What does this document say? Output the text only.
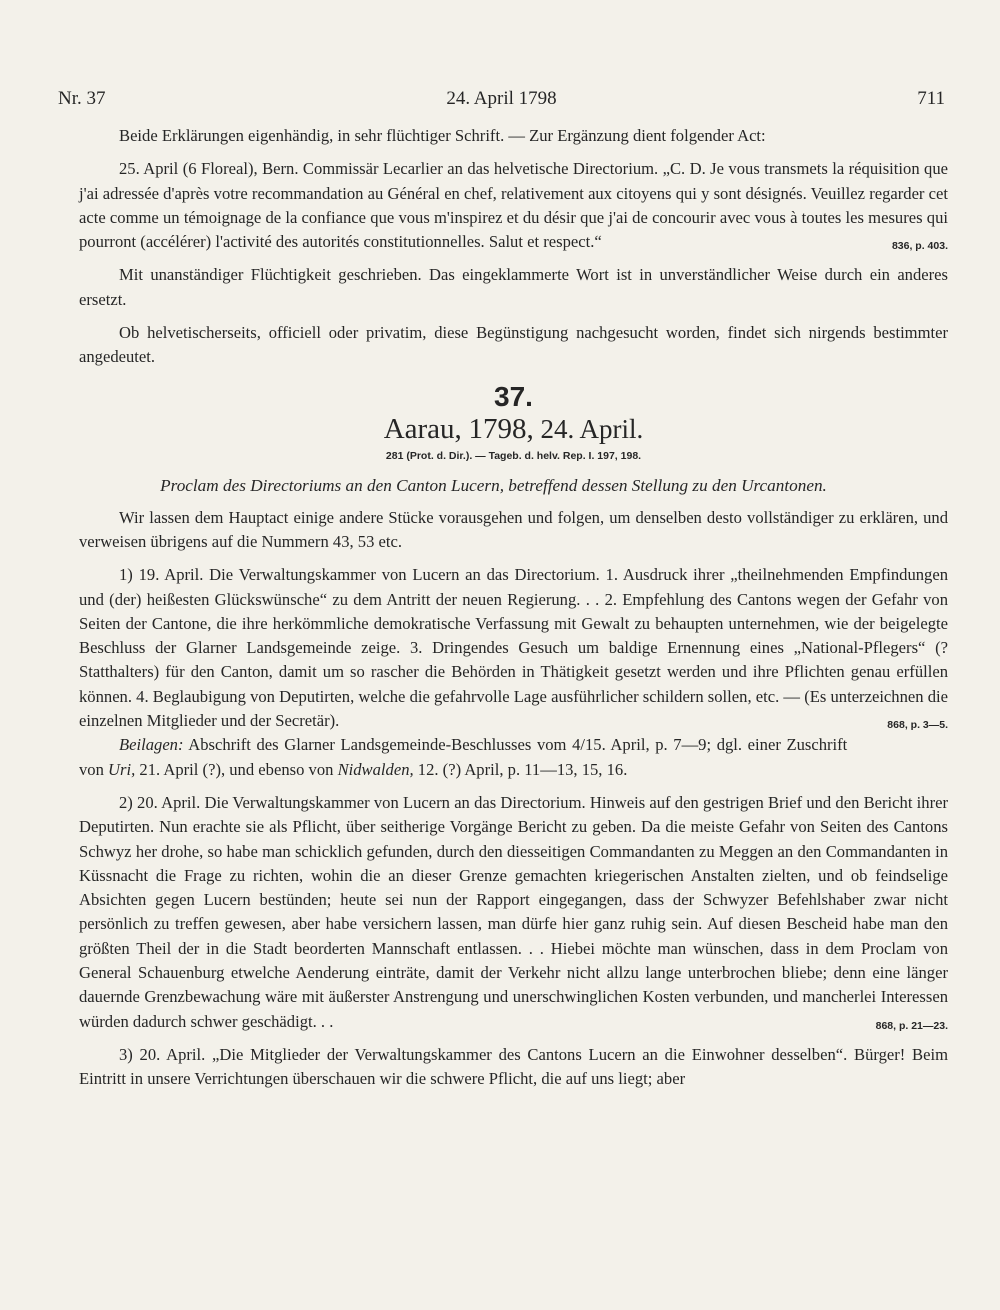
Nr. 37	24. April 1798	711

Beide Erklärungen eigenhändig, in sehr flüchtiger Schrift. — Zur Ergänzung dient folgender Act:

25. April (6 Floreal), Bern. Commissär Lecarlier an das helvetische Directorium. „C. D. Je vous transmets la réquisition que j'ai adressée d'après votre recommandation au Général en chef, relativement aux citoyens qui y sont désignés. Veuillez regarder cet acte comme un témoignage de la confiance que vous m'inspirez et du désir que j'ai de concourir avec vous à toutes les mesures qui pourront (accélérer) l'activité des autorités constitutionnelles. Salut et respect.“	836, p. 403.

Mit unanständiger Flüchtigkeit geschrieben. Das eingeklammerte Wort ist in unverständlicher Weise durch ein anderes ersetzt.

Ob helvetischerseits, officiell oder privatim, diese Begünstigung nachgesucht worden, findet sich nirgends bestimmter angedeutet.

37.

Aarau, 1798, 24. April.

281 (Prot. d. Dir.). — Tageb. d. helv. Rep. I. 197, 198.

Proclam des Directoriums an den Canton Lucern, betreffend dessen Stellung zu den Urcantonen.

Wir lassen dem Hauptact einige andere Stücke vorausgehen und folgen, um denselben desto vollständiger zu erklären, und verweisen übrigens auf die Nummern 43, 53 etc.

1) 19. April. Die Verwaltungskammer von Lucern an das Directorium. 1. Ausdruck ihrer „theilnehmenden Empfindungen und (der) heißesten Glückswünsche“ zu dem Antritt der neuen Regierung. . . 2. Empfehlung des Cantons wegen der Gefahr von Seiten der Cantone, die ihre herkömmliche demokratische Verfassung mit Gewalt zu behaupten unternehmen, wie der beigelegte Beschluss der Glarner Landsgemeinde zeige. 3. Dringendes Gesuch um baldige Ernennung eines „National-Pflegers“ (? Statthalters) für den Canton, damit um so rascher die Behörden in Thätigkeit gesetzt werden und ihre Pflichten genau erfüllen können. 4. Beglaubigung von Deputirten, welche die gefahrvolle Lage ausführlicher schildern sollen, etc. — (Es unterzeichnen die einzelnen Mitglieder und der Secretär).	868, p. 3—5.

Beilagen: Abschrift des Glarner Landsgemeinde-Beschlusses vom 4/15. April, p. 7—9; dgl. einer Zuschrift von Uri, 21. April (?), und ebenso von Nidwalden, 12. (?) April, p. 11—13, 15, 16.

2) 20. April. Die Verwaltungskammer von Lucern an das Directorium. Hinweis auf den gestrigen Brief und den Bericht ihrer Deputirten. Nun erachte sie als Pflicht, über seitherige Vorgänge Bericht zu geben. Da die meiste Gefahr von Seiten des Cantons Schwyz her drohe, so habe man schicklich gefunden, durch den diesseitigen Commandanten zu Meggen an den Commandanten in Küssnacht die Frage zu richten, wohin die an dieser Grenze gemachten kriegerischen Anstalten zielten, und ob feindselige Absichten gegen Lucern bestünden; heute sei nun der Rapport eingegangen, dass der Schwyzer Befehlshaber zwar nicht persönlich zu treffen gewesen, aber habe versichern lassen, man dürfe hier ganz ruhig sein. Auf diesen Bescheid habe man den größten Theil der in die Stadt beorderten Mannschaft entlassen. . . Hiebei möchte man wünschen, dass in dem Proclam von General Schauenburg etwelche Aenderung einträte, damit der Verkehr nicht allzu lange unterbrochen bliebe; denn eine länger dauernde Grenzbewachung wäre mit äußerster Anstrengung und unerschwinglichen Kosten verbunden, und mancherlei Interessen würden dadurch schwer geschädigt. . .	868, p. 21—23.

3) 20. April. „Die Mitglieder der Verwaltungskammer des Cantons Lucern an die Einwohner desselben“. Bürger! Beim Eintritt in unsere Verrichtungen überschauen wir die schwere Pflicht, die auf uns liegt; aber
